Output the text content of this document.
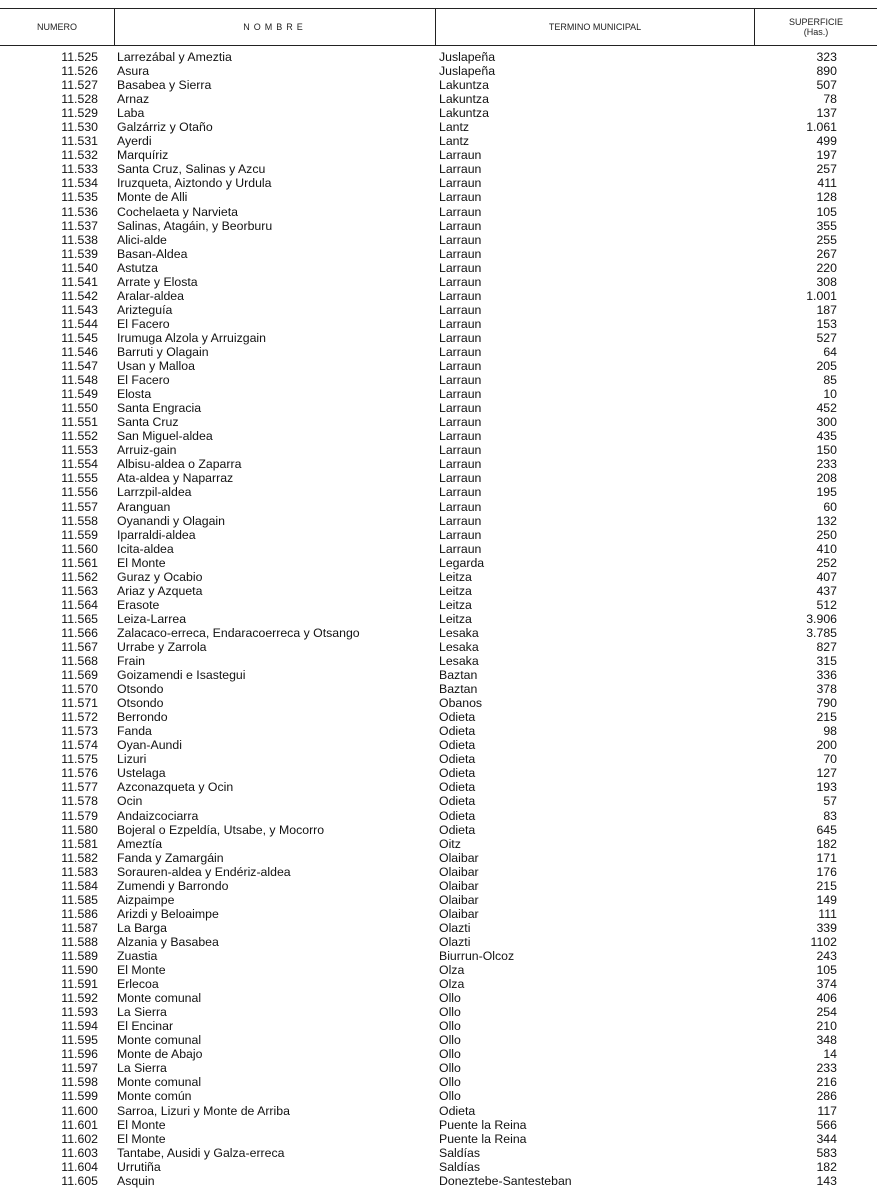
NUMERO	NOMBRE	TERMINO MUNICIPAL	SUPERFICIE
(Has.)
11.525 Larrezábal y Ameztia	Juslapeña	323
11.526 Asura	Juslapeña	890
11.527 Basabea y Sierra	Lakuntza	507
11.528 Arnaz	Lakuntza	78
11.529 Laba	Lakuntza	137
11.530 Galzárriz y Otaño	Lantz	1.061
11.531 Ayerdi	Lantz	499
11.532 Marquíriz	Larraun	197
11.533 Santa Cruz, Salinas y Azcu	Larraun	257
11.534 Iruzqueta, Aiztondo y Urdula	Larraun	411
11.535 Monte de Alli	Larraun	128
11.536 Cochelaeta y Narvieta	Larraun	105
11.537 Salinas, Atagáin, y Beorburu	Larraun	355
11.538 Alici-alde	Larraun	255
11.539 Basan-Aldea	Larraun	267
11.540 Astutza	Larraun	220
11.541 Arrate y Elosta	Larraun	308
11.542 Aralar-aldea	Larraun	1.001
11.543 Arizteguía	Larraun	187
11.544 El Facero	Larraun	153
11.545 Irumuga Alzola y Arruizgain	Larraun	527
11.546 Barruti y Olagain	Larraun	64
11.547 Usan y Malloa	Larraun	205
11.548 El Facero	Larraun	85
11.549 Elosta	Larraun	10
11.550 Santa Engracia	Larraun	452
11.551 Santa Cruz	Larraun	300
11.552 San Miguel-aldea	Larraun	435
11.553 Arruiz-gain	Larraun	150
11.554 Albisu-aldea o Zaparra	Larraun	233
11.555 Ata-aldea y Naparraz	Larraun	208
11.556 Larrzpil-aldea	Larraun	195
11.557 Aranguan	Larraun	60
11.558 Oyanandi y Olagain	Larraun	132
11.559 Iparraldi-aldea	Larraun	250
11.560 Icita-aldea	Larraun	410
11.561 El Monte	Legarda	252
11.562 Guraz y Ocabio	Leitza	407
11.563 Ariaz y Azqueta	Leitza	437
11.564 Erasote	Leitza	512
11.565 Leiza-Larrea	Leitza	3.906
11.566 Zalacaco-erreca, Endaracoerreca y Otsango	Lesaka	3.785
11.567 Urrabe y Zarrola	Lesaka	827
11.568 Frain	Lesaka	315
11.569 Goizamendi e Isastegui	Baztan	336
11.570 Otsondo	Baztan	378
11.571 Otsondo	Obanos	790
11.572 Berrondo	Odieta	215
11.573 Fanda	Odieta	98
11.574 Oyan-Aundi	Odieta	200
11.575 Lizuri	Odieta	70
11.576 Ustelaga	Odieta	127
11.577 Azconazqueta y Ocin	Odieta	193
11.578 Ocin	Odieta	57
11.579 Andaizcociarra	Odieta	83
11.580 Bojeral o Ezpeldía, Utsabe, y Mocorro	Odieta	645
11.581 Ameztía	Oitz	182
11.582 Fanda y Zamargáin	Olaibar	171
11.583 Sorauren-aldea y Endériz-aldea	Olaibar	176
11.584 Zumendi y Barrondo	Olaibar	215
11.585 Aizpaimpe	Olaibar	149
11.586 Arizdi y Beloaimpe	Olaibar	111
11.587 La Barga	Olazti	339
11.588 Alzania y Basabea	Olazti	1102
11.589 Zuastia	Biurrun-Olcoz	243
11.590 El Monte	Olza	105
11.591 Erlecoa	Olza	374
11.592 Monte comunal	Ollo	406
11.593 La Sierra	Ollo	254
11.594 El Encinar	Ollo	210
11.595 Monte comunal	Ollo	348
11.596 Monte de Abajo	Ollo	14
11.597 La Sierra	Ollo	233
11.598 Monte comunal	Ollo	216
11.599 Monte común	Ollo	286
11.600 Sarroa, Lizuri y Monte de Arriba	Odieta	117
11.601 El Monte	Puente la Reina	566
11.602 El Monte	Puente la Reina	344
11.603 Tantabe, Ausidi y Galza-erreca	Saldías	583
11.604 Urrutiña	Saldías	182
11.605 Asquin	Doneztebe-Santesteban	143
